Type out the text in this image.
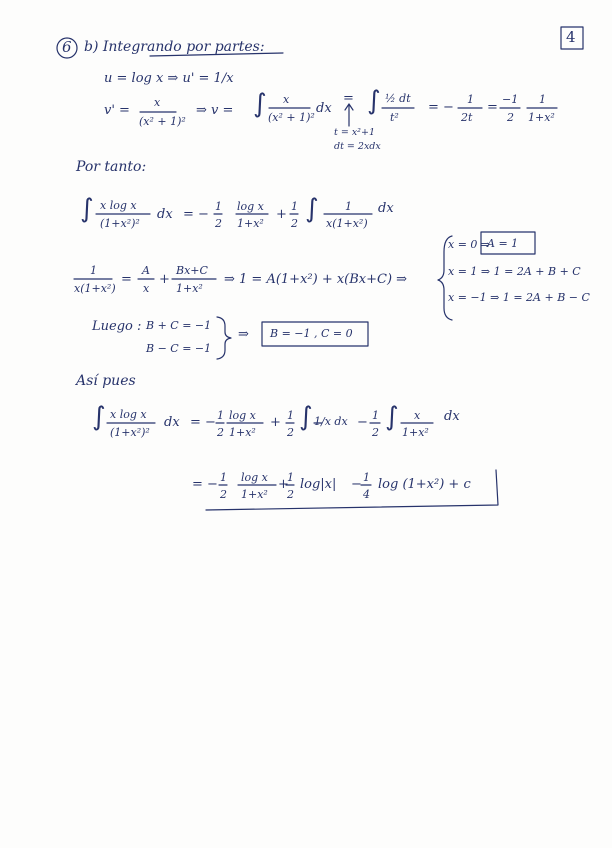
6 b) Integrando por partes:
4
u = log x ⇒ u' = 1/x
v' =
x
(x² + 1)²
⇒ v = ∫ x
(x² + 1)²
dx
= ∫ ½ dt
t²
= −
1
2t
=
−1
2
1
1+x²
t = x²+1
dt = 2xdx
Por tanto:
∫ x log x
(1+x²)²
dx = −
1
2
log x
1+x²
+
1
2 ∫ 1
x(1+x²)
dx
1
x(1+x²)
=
A
x
+
Bx+C
1+x²
⇒ 1 = A(1+x²) + x(Bx+C) ⇒
x = 0 ⇒
A = 1
x = 1 ⇒ 1 = 2A + B + C
x = −1 ⇒ 1 = 2A + B − C
Luego : B + C = −1
B − C = −1
⇒ B = −1 , C = 0
Así pues
∫ x log x
(1+x²)²
dx = − 1
2
log x
1+x²
+ 1
2
∫ 1/x dx − 1
2
∫ x
1+x²
dx
= − 1
2
log x
1+x²
+
1
2
log|x| − 1
4
log (1+x²) + c
